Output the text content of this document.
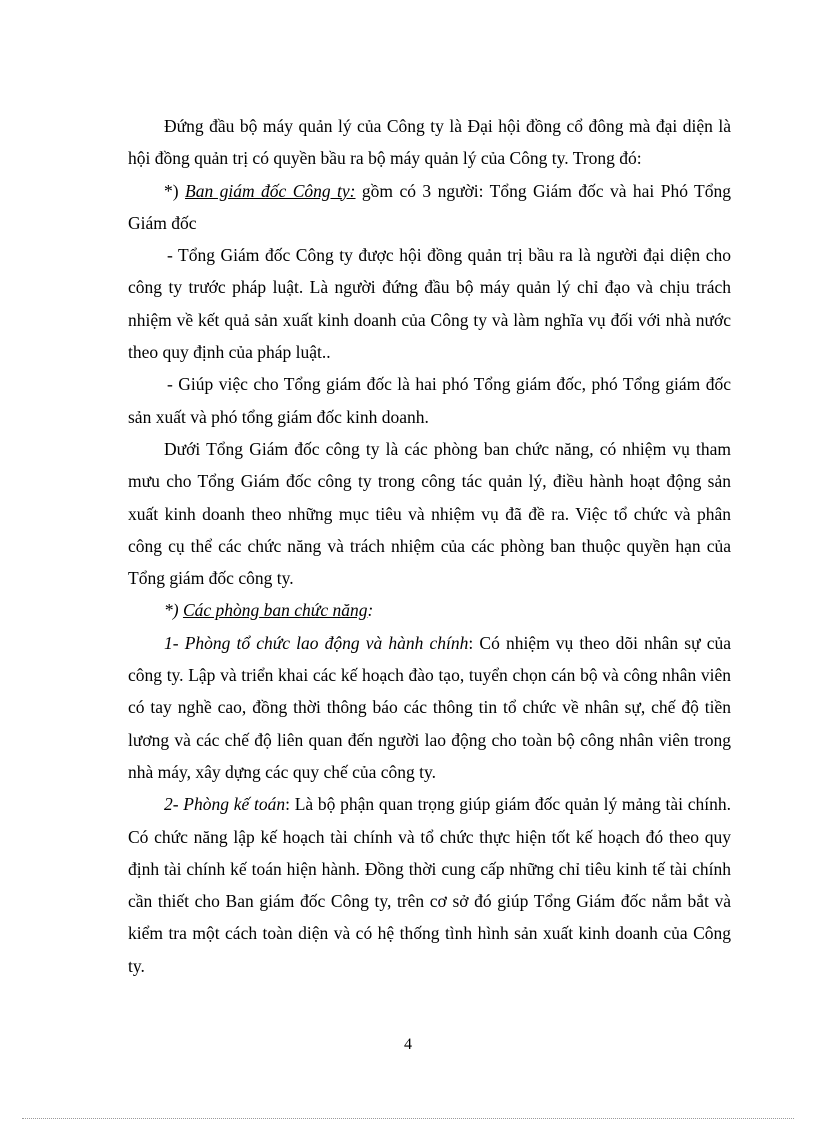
Đứng đầu bộ máy quản lý của Công ty là Đại hội đồng cổ đông mà đại diện là hội đồng quản trị có quyền bầu ra bộ máy quản lý của Công ty. Trong đó:

*) Ban giám đốc Công ty: gồm có 3 người: Tổng Giám đốc và hai Phó Tổng Giám đốc

- Tổng Giám đốc Công ty được hội đồng quản trị bầu ra là người đại diện cho công ty trước pháp luật. Là người đứng đầu bộ máy quản lý chỉ đạo và chịu trách nhiệm về kết quả sản xuất kinh doanh của Công ty và làm nghĩa vụ đối với nhà nước theo quy định của pháp luật..

- Giúp việc cho Tổng giám đốc là hai phó Tổng giám đốc, phó Tổng giám đốc sản xuất và phó tổng giám đốc kinh doanh.

Dưới Tổng Giám đốc công ty là các phòng ban chức năng, có nhiệm vụ tham mưu cho Tổng Giám đốc công ty trong công tác quản lý, điều hành hoạt động sản xuất kinh doanh theo những mục tiêu và nhiệm vụ đã đề ra. Việc tổ chức và phân công cụ thể các chức năng và trách nhiệm của các phòng ban thuộc quyền hạn của Tổng giám đốc công ty.

*) Các phòng ban chức năng:

1- Phòng tổ chức lao động và hành chính: Có nhiệm vụ theo dõi nhân sự của công ty. Lập và triển khai các kế hoạch đào tạo, tuyển chọn cán bộ và công nhân viên có tay nghề cao, đồng thời thông báo các thông tin tổ chức về nhân sự, chế độ tiền lương và các chế độ liên quan đến người lao động cho toàn bộ công nhân viên trong nhà máy, xây dựng các quy chế của công ty.

2- Phòng kế toán: Là bộ phận quan trọng giúp giám đốc quản lý mảng tài chính. Có chức năng lập kế hoạch tài chính và tổ chức thực hiện tốt kế hoạch đó theo quy định tài chính kế toán hiện hành. Đồng thời cung cấp những chỉ tiêu kinh tế tài chính cần thiết cho Ban giám đốc Công ty, trên cơ sở đó giúp Tổng Giám đốc nắm bắt và kiểm tra một cách toàn diện và có hệ thống tình hình sản xuất kinh doanh của Công ty.

4
